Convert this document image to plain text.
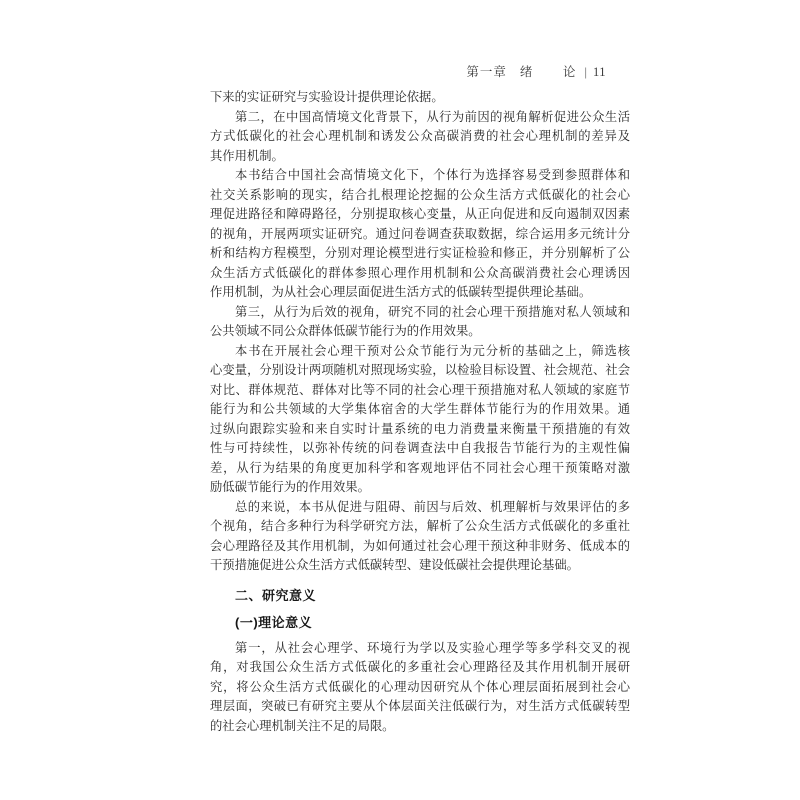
第一章 绪　论| 11
下来的实证研究与实验设计提供理论依据。
第二，在中国高情境文化背景下，从行为前因的视角解析促进公众生活
方式低碳化的社会心理机制和诱发公众高碳消费的社会心理机制的差异及
其作用机制。
本书结合中国社会高情境文化下，个体行为选择容易受到参照群体和
社交关系影响的现实，结合扎根理论挖掘的公众生活方式低碳化的社会心
理促进路径和障碍路径，分别提取核心变量，从正向促进和反向遏制双因素
的视角，开展两项实证研究。通过问卷调查获取数据，综合运用多元统计分
析和结构方程模型，分别对理论模型进行实证检验和修正，并分别解析了公
众生活方式低碳化的群体参照心理作用机制和公众高碳消费社会心理诱因
作用机制，为从社会心理层面促进生活方式的低碳转型提供理论基础。
第三，从行为后效的视角，研究不同的社会心理干预措施对私人领域和
公共领域不同公众群体低碳节能行为的作用效果。
本书在开展社会心理干预对公众节能行为元分析的基础之上，筛选核
心变量，分别设计两项随机对照现场实验，以检验目标设置、社会规范、社会
对比、群体规范、群体对比等不同的社会心理干预措施对私人领域的家庭节
能行为和公共领域的大学集体宿舍的大学生群体节能行为的作用效果。通
过纵向跟踪实验和来自实时计量系统的电力消费量来衡量干预措施的有效
性与可持续性，以弥补传统的问卷调查法中自我报告节能行为的主观性偏
差，从行为结果的角度更加科学和客观地评估不同社会心理干预策略对激
励低碳节能行为的作用效果。
总的来说，本书从促进与阻碍、前因与后效、机理解析与效果评估的多
个视角，结合多种行为科学研究方法，解析了公众生活方式低碳化的多重社
会心理路径及其作用机制，为如何通过社会心理干预这种非财务、低成本的
干预措施促进公众生活方式低碳转型、建设低碳社会提供理论基础。
二、研究意义
(一)理论意义
第一，从社会心理学、环境行为学以及实验心理学等多学科交叉的视
角，对我国公众生活方式低碳化的多重社会心理路径及其作用机制开展研
究，将公众生活方式低碳化的心理动因研究从个体心理层面拓展到社会心
理层面，突破已有研究主要从个体层面关注低碳行为，对生活方式低碳转型
的社会心理机制关注不足的局限。
